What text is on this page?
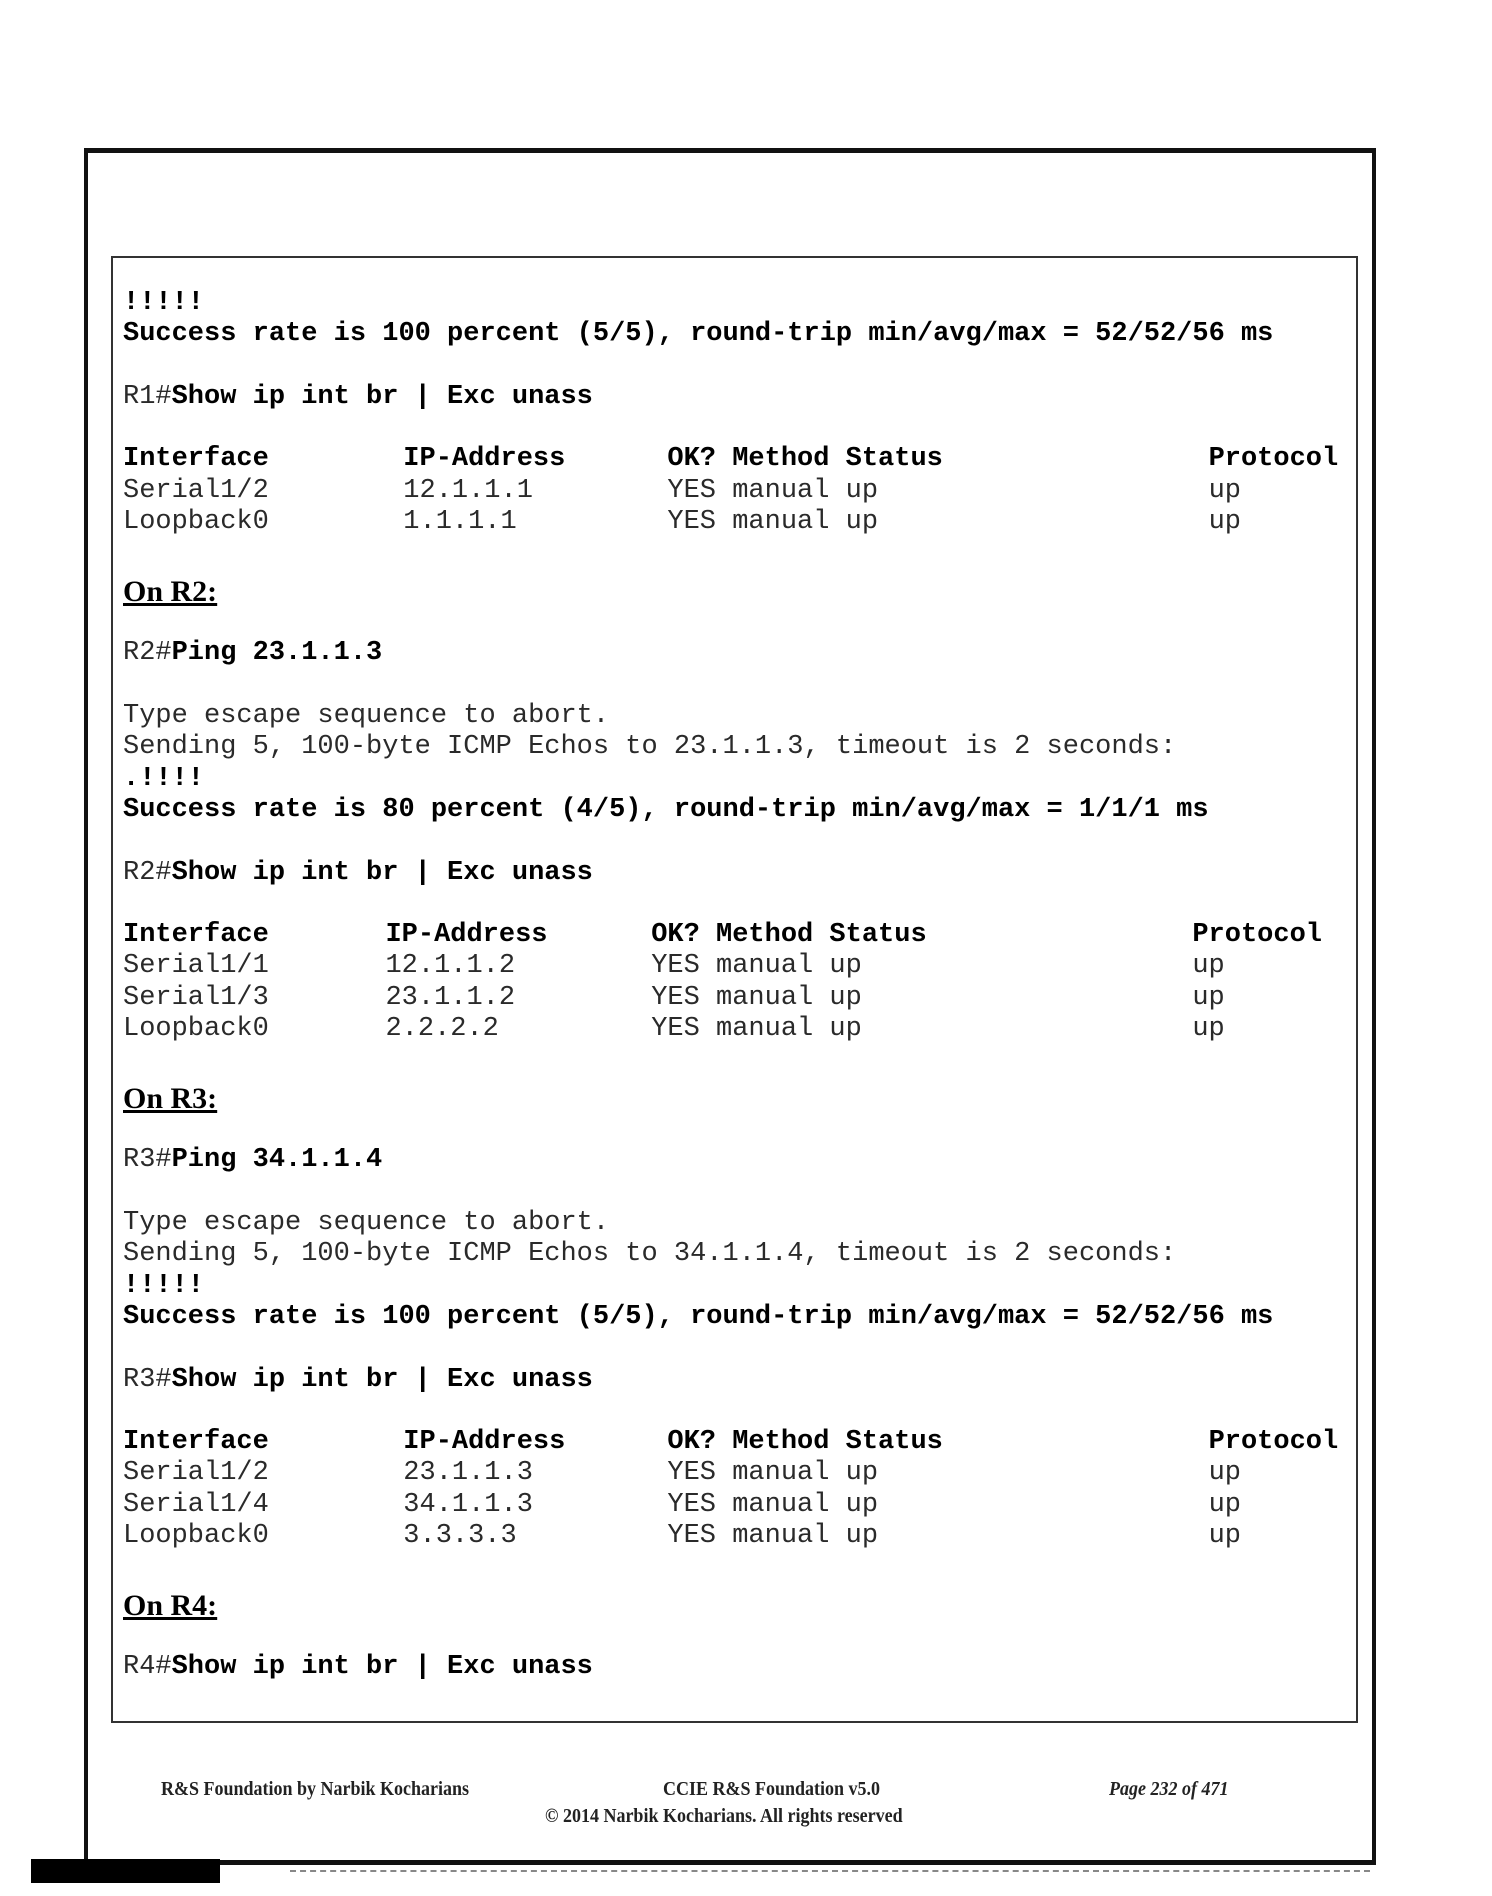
!!!!!
Success rate is 100 percent (5/5), round-trip min/avg/max = 52/52/56 ms
R1#Show ip int br | Exc unass
Interface	IP-Address	OK? Method Status	Protocol
Serial1/2	12.1.1.1	YES manual up	up
Loopback0	1.1.1.1	YES manual up	up
On R2:
R2#Ping 23.1.1.3
Type escape sequence to abort.
Sending 5, 100-byte ICMP Echos to 23.1.1.3, timeout is 2 seconds:
.!!!!
Success rate is 80 percent (4/5), round-trip min/avg/max = 1/1/1 ms
R2#Show ip int br | Exc unass
Interface	IP-Address	OK? Method Status	Protocol
Serial1/1	12.1.1.2	YES manual up	up
Serial1/3	23.1.1.2	YES manual up	up
Loopback0	2.2.2.2	YES manual up	up
On R3:
R3#Ping 34.1.1.4
Type escape sequence to abort.
Sending 5, 100-byte ICMP Echos to 34.1.1.4, timeout is 2 seconds:
!!!!!
Success rate is 100 percent (5/5), round-trip min/avg/max = 52/52/56 ms
R3#Show ip int br | Exc unass
Interface	IP-Address	OK? Method Status	Protocol
Serial1/2	23.1.1.3	YES manual up	up
Serial1/4	34.1.1.3	YES manual up	up
Loopback0	3.3.3.3	YES manual up	up
On R4:
R4#Show ip int br | Exc unass
R&S Foundation by Narbik Kocharians	CCIE R&S Foundation v5.0	Page 232 of 471
© 2014 Narbik Kocharians. All rights reserved
